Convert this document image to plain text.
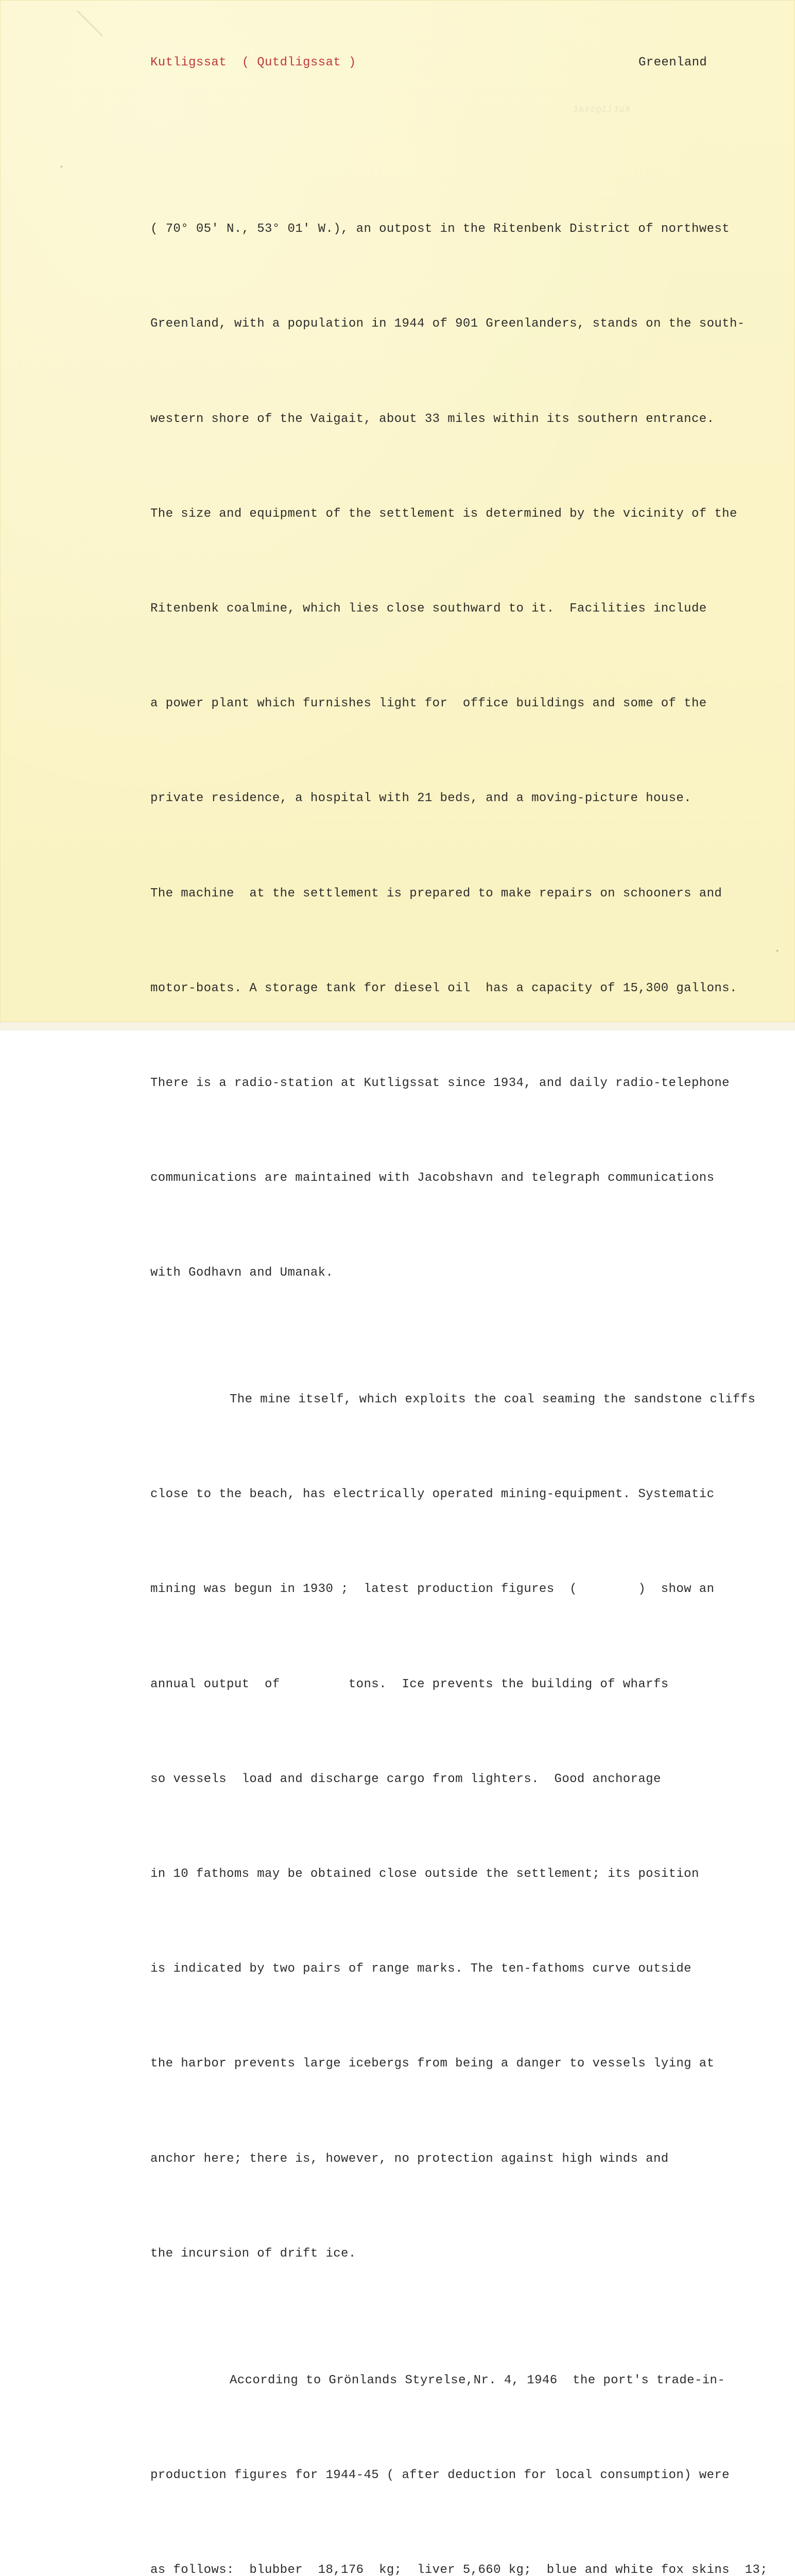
Kutligssat  ( Qutdligssat )	Greenland
Kutligssat

( 70° 05' N., 53° 01' W.), an outpost in the Ritenbenk District of northwest

Greenland, with a population in 1944 of 901 Greenlanders, stands on the south-

western shore of the Vaigait, about 33 miles within its southern entrance.

The size and equipment of the settlement is determined by the vicinity of the

Ritenbenk coalmine, which lies close southward to it.  Facilities include

a power plant which furnishes light for  office buildings and some of the

private residence, a hospital with 21 beds, and a moving-picture house.

The machine  at the settlement is prepared to make repairs on schooners and

motor-boats. A storage tank for diesel oil  has a capacity of 15,300 gallons.

There is a radio-station at Kutligssat since 1934, and daily radio-telephone

communications are maintained with Jacobshavn and telegraph communications

with Godhavn and Umanak.

The mine itself, which exploits the coal seaming the sandstone cliffs

close to the beach, has electrically operated mining-equipment. Systematic

mining was begun in 1930 ;  latest production figures  (        )  show an

annual output  of         tons.  Ice prevents the building of wharfs

so vessels  load and discharge cargo from lighters.  Good anchorage

in 10 fathoms may be obtained close outside the settlement; its position

is indicated by two pairs of range marks. The ten-fathoms curve outside

the harbor prevents large icebergs from being a danger to vessels lying at

anchor here; there is, however, no protection against high winds and

the incursion of drift ice.

According to Grönlands Styrelse,Nr. 4, 1946  the port's trade-in-

production figures for 1944-45 ( after deduction for local consumption) were

as follows:  blubber  18,176  kg;  liver 5,660 kg;  blue and white fox skins  13;
